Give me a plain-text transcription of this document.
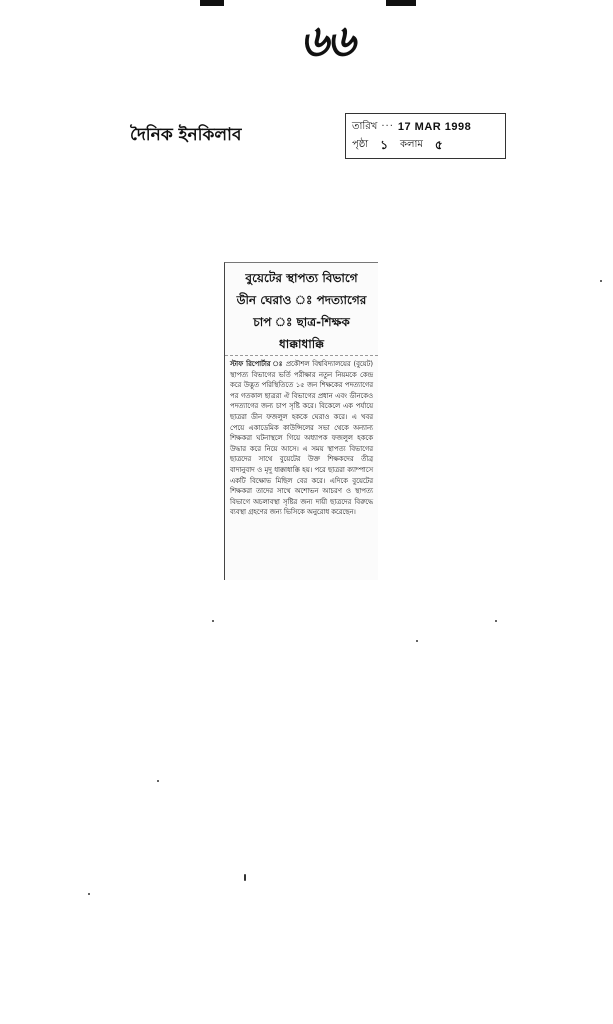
৬৬
দৈনিক ইনকিলাব	তারিখ ··· 17 MAR 1998
পৃষ্ঠা ১ কলাম ৫
বুয়েটের স্থাপত্য বিভাগে
ডীন ঘেরাও ঃ পদত্যাগের
চাপ ঃ ছাত্র-শিক্ষক
ধাক্কাধাক্কি
স্টাফ রিপোর্টার ঃ প্রকৌশল বিশ্ববিদ্যালয়ের (বুয়েট) স্থাপত্য বিভাগের ভর্তি পরীক্ষার নতুন নিয়মকে কেন্দ্র করে উদ্ভূত পরিস্থিতিতে ১৫ জন শিক্ষকের পদত্যাগের পর গতকাল ছাত্ররা ঐ বিভাগের প্রধান এবং ডীনকেও পদত্যাগের জন্য চাপ সৃষ্টি করে। বিকেলে এক পর্যায়ে ছাত্ররা ডীন ফজলুল হককে ঘেরাও করে। এ খবর পেয়ে একাডেমিক কাউন্সিলের সভা থেকে অন্যান্য শিক্ষকরা ঘটনাস্থলে গিয়ে অধ্যাপক ফজলুল হককে উদ্ধার করে নিয়ে আসে। এ সময় স্থাপত্য বিভাগের ছাত্রদের সাথে বুয়েটের উক্ত শিক্ষকদের তীব্র বাদানুবাদ ও মৃদু ধাক্কাধাক্কি হয়। পরে ছাত্ররা ক্যাম্পাসে একটি বিক্ষোভ মিছিল বের করে। এদিকে বুয়েটের শিক্ষকরা তাদের সাথে অশোভন আচরণ ও স্থাপত্য বিভাগে অচলাবস্থা সৃষ্টির জন্য দায়ী ছাত্রদের বিরুদ্ধে ব্যবস্থা গ্রহণের জন্য ভিসিকে অনুরোধ করেছেন।
